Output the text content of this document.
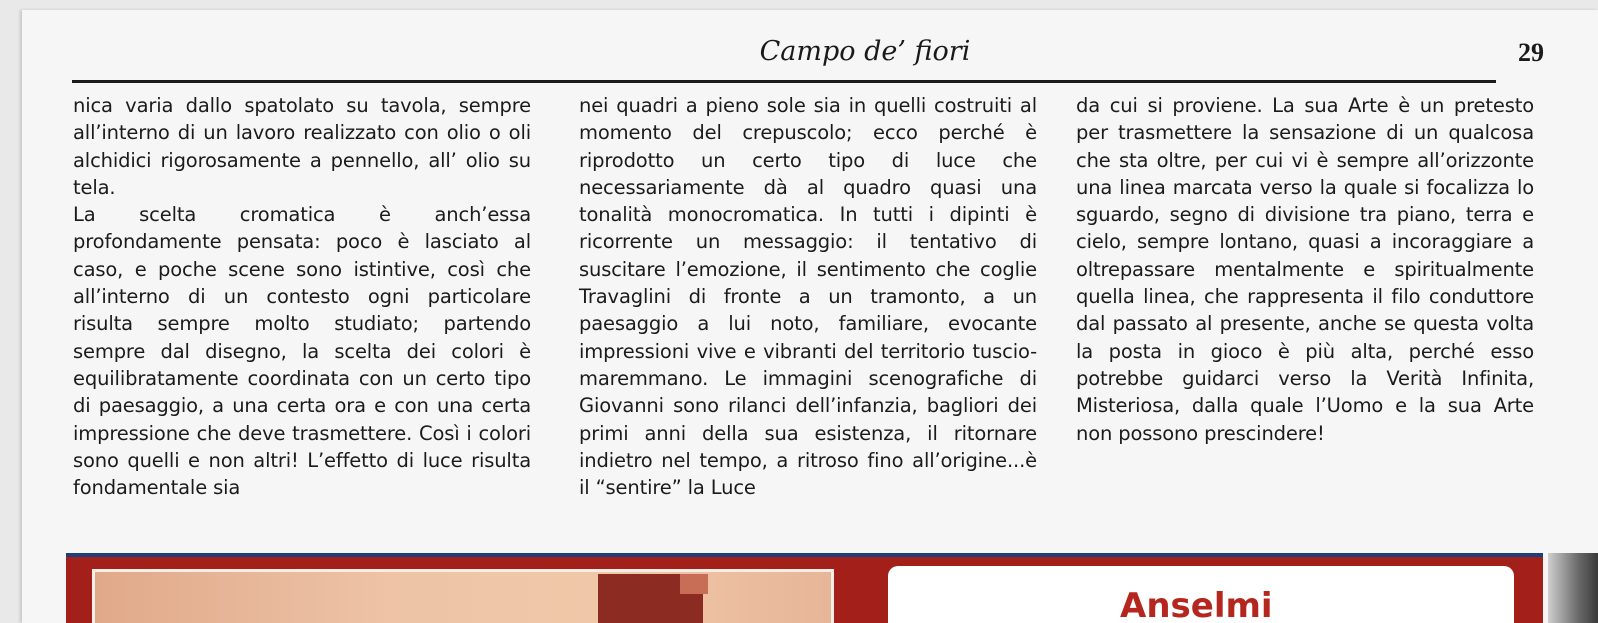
Campo de’ fiori	29

nica varia dallo spatolato su tavola, sempre all’interno di un lavoro realizzato con olio o oli alchidici rigorosamente a pennello, all’ olio su tela.

La scelta cromatica è anch’essa profondamente pensata: poco è lasciato al caso, e poche scene sono istintive, così che all’interno di un contesto ogni particolare risulta sempre molto studiato; partendo sempre dal disegno, la scelta dei colori è equilibratamente coordinata con un certo tipo di paesaggio, a una certa ora e con una certa impressione che deve trasmettere. Così i colori sono quelli e non altri! L’effetto di luce risulta fondamentale sia

nei quadri a pieno sole sia in quelli costruiti al momento del crepuscolo; ecco perché è riprodotto un certo tipo di luce che necessariamente dà al quadro quasi una tonalità monocromatica. In tutti i dipinti è ricorrente un messaggio: il tentativo di suscitare l’emozione, il sentimento che coglie Travaglini di fronte a un tramonto, a un paesaggio a lui noto, familiare, evocante impressioni vive e vibranti del territorio tuscio-maremmano. Le immagini scenografiche di Giovanni sono rilanci dell’infanzia, bagliori dei primi anni della sua esistenza, il ritornare indietro nel tempo, a ritroso fino all’origine...è il “sentire” la Luce

da cui si proviene. La sua Arte è un pretesto per trasmettere la sensazione di un qualcosa che sta oltre, per cui vi è sempre all’orizzonte una linea marcata verso la quale si focalizza lo sguardo, segno di divisione tra piano, terra e cielo, sempre lontano, quasi a incoraggiare a oltrepassare mentalmente e spiritualmente quella linea, che rappresenta il filo conduttore dal passato al presente, anche se questa volta la posta in gioco è più alta, perché esso potrebbe guidarci verso la Verità Infinita, Misteriosa, dalla quale l’Uomo e la sua Arte non possono prescindere!

Anselmi
